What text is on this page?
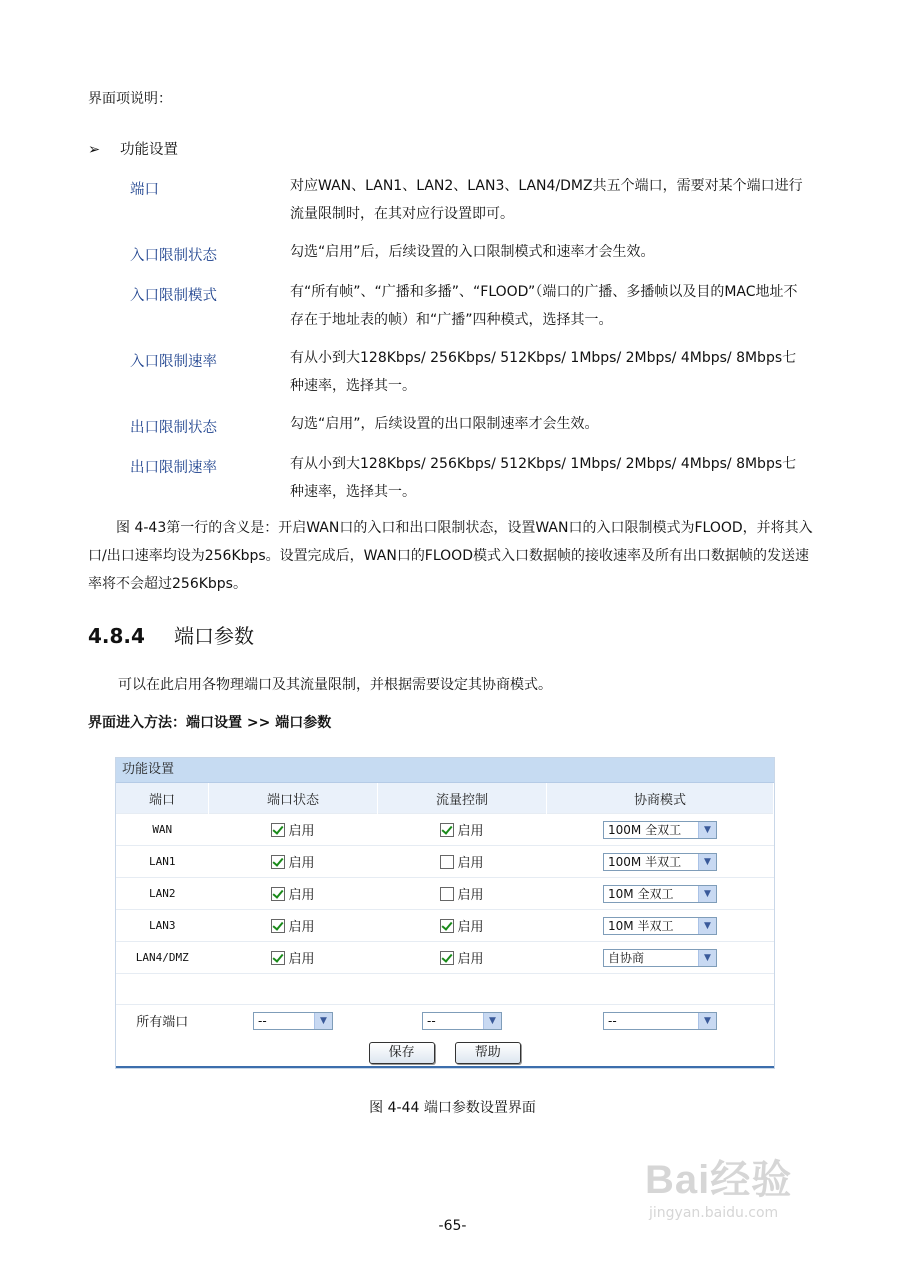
界面项说明：
➢ 功能设置
端口	对应WAN、LAN1、LAN2、LAN3、LAN4/DMZ共五个端口，需要对某个端口进行流量限制时，在其对应行设置即可。
入口限制状态	勾选“启用”后，后续设置的入口限制模式和速率才会生效。
入口限制模式	有“所有帧”、“广播和多播”、“FLOOD”（端口的广播、多播帧以及目的MAC地址不存在于地址表的帧）和“广播”四种模式，选择其一。
入口限制速率	有从小到大128Kbps/ 256Kbps/ 512Kbps/ 1Mbps/ 2Mbps/ 4Mbps/ 8Mbps七种速率，选择其一。
出口限制状态	勾选“启用”，后续设置的出口限制速率才会生效。
出口限制速率	有从小到大128Kbps/ 256Kbps/ 512Kbps/ 1Mbps/ 2Mbps/ 4Mbps/ 8Mbps七种速率，选择其一。
图 4-43第一行的含义是：开启WAN口的入口和出口限制状态，设置WAN口的入口限制模式为FLOOD，并将其入口/出口速率均设为256Kbps。设置完成后，WAN口的FLOOD模式入口数据帧的接收速率及所有出口数据帧的发送速率将不会超过256Kbps。
4.8.4 端口参数
可以在此启用各物理端口及其流量限制，并根据需要设定其协商模式。
界面进入方法：端口设置 >> 端口参数
功能设置
端口	端口状态	流量控制	协商模式
WAN	启用	启用	100M 全双工 ▼

LAN1	启用	启用	100M 半双工 ▼

LAN2	启用	启用	10M 全双工 ▼

LAN3	启用	启用	10M 半双工 ▼

LAN4/DMZ	启用	启用	自协商 ▼

所有端口	-- ▼	-- ▼	-- ▼

保存 帮助			
图 4-44 端口参数设置界面
Bai经验
jingyan.baidu.com
-65-
